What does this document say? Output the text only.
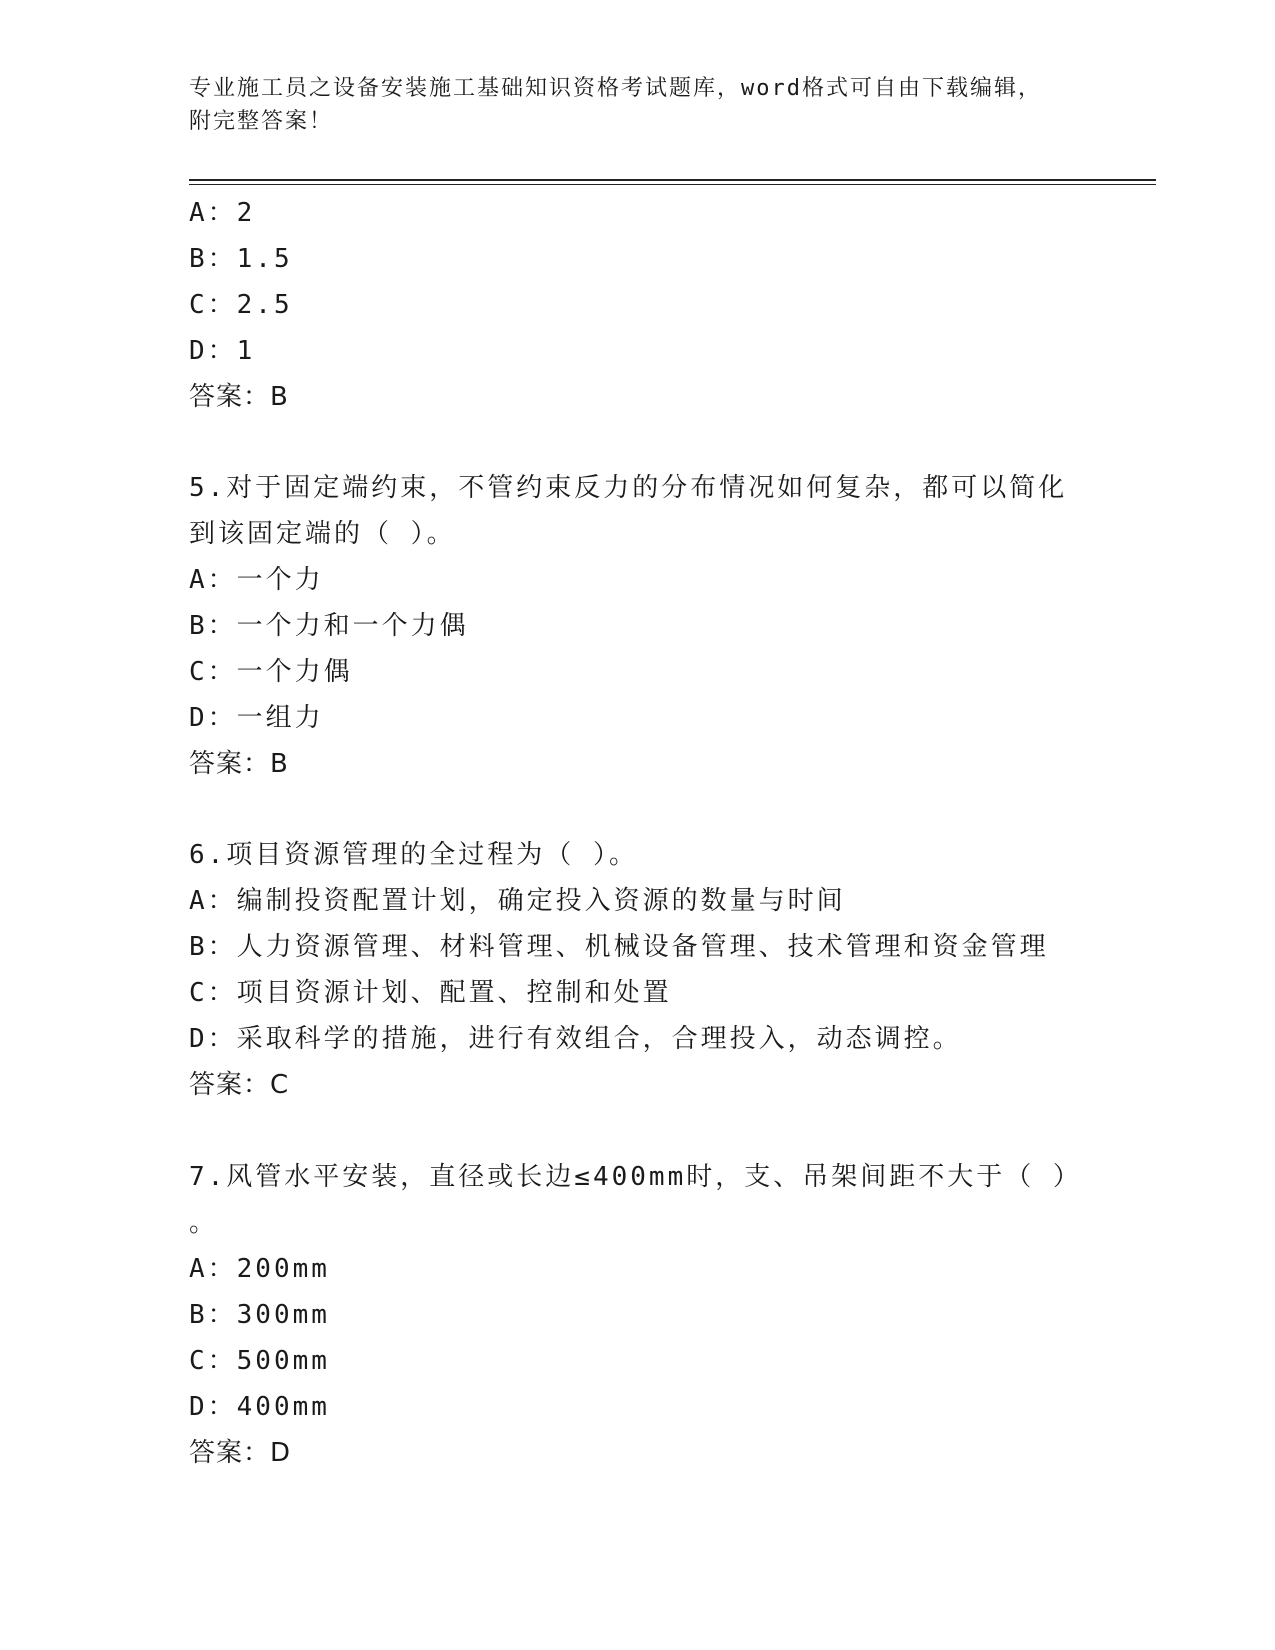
专业施工员之设备安装施工基础知识资格考试题库，word格式可自由下载编辑，
附完整答案！
A：2
B：1.5
C：2.5
D：1
答案：B
5.对于固定端约束，不管约束反力的分布情况如何复杂，都可以简化
到该固定端的（ ）。
A：一个力
B：一个力和一个力偶
C：一个力偶
D：一组力
答案：B
6.项目资源管理的全过程为（ ）。
A：编制投资配置计划，确定投入资源的数量与时间
B：人力资源管理、材料管理、机械设备管理、技术管理和资金管理
C：项目资源计划、配置、控制和处置
D：采取科学的措施，进行有效组合，合理投入，动态调控。
答案：C
7.风管水平安装，直径或长边≤400mm时，支、吊架间距不大于（ ）
。
A：200mm
B：300mm
C：500mm
D：400mm
答案：D
